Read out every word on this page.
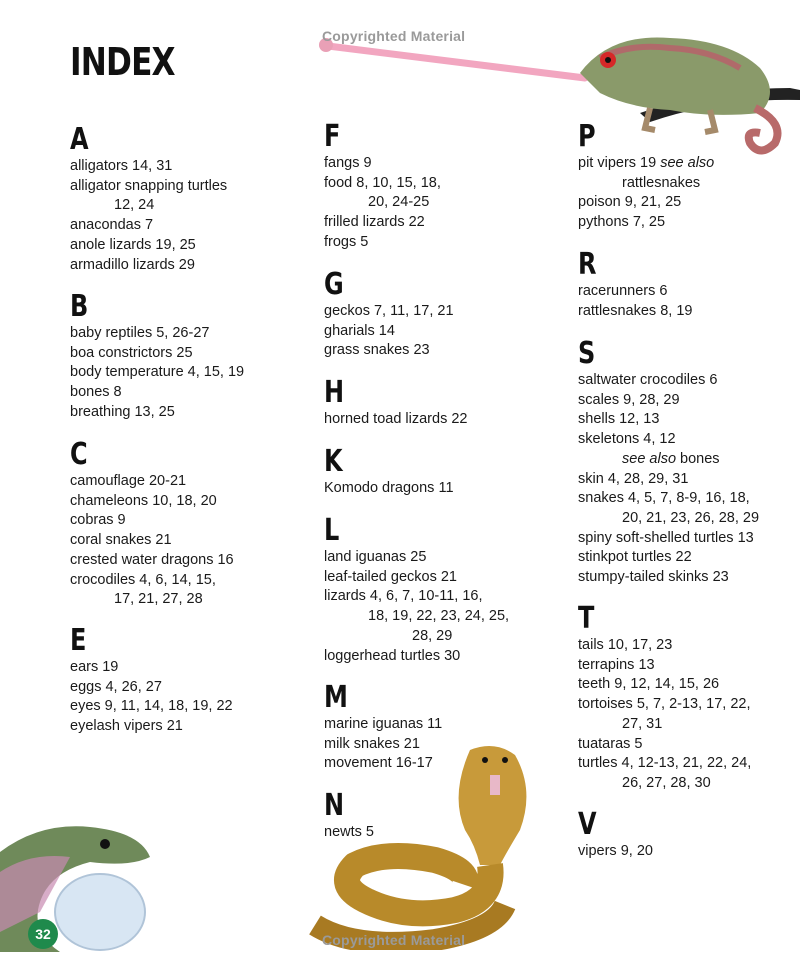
Copyrighted Material
Copyrighted Material
INDEX
A
alligators 14, 31
alligator snapping turtles
12, 24
anacondas 7
anole lizards 19, 25
armadillo lizards 29
B
baby reptiles 5, 26-27
boa constrictors 25
body temperature 4, 15, 19
bones 8
breathing 13, 25
C
camouflage 20-21
chameleons 10, 18, 20
cobras 9
coral snakes 21
crested water dragons 16
crocodiles 4, 6, 14, 15,
17, 21, 27, 28
E
ears 19
eggs 4, 26, 27
eyes 9, 11, 14, 18, 19, 22
eyelash vipers 21
F
fangs 9
food 8, 10, 15, 18,
20, 24-25
frilled lizards 22
frogs 5
G
geckos 7, 11, 17, 21
gharials 14
grass snakes 23
H
horned toad lizards 22
K
Komodo dragons 11
L
land iguanas 25
leaf-tailed geckos 21
lizards 4, 6, 7, 10-11, 16,
18, 19, 22, 23, 24, 25,
28, 29
loggerhead turtles 30
M
marine iguanas 11
milk snakes 21
movement 16-17
N
newts 5
P
pit vipers 19 see also
rattlesnakes
poison 9, 21, 25
pythons 7, 25
R
racerunners 6
rattlesnakes 8, 19
S
saltwater crocodiles 6
scales 9, 28, 29
shells 12, 13
skeletons 4, 12
see also bones
skin 4, 28, 29, 31
snakes 4, 5, 7, 8-9, 16, 18,
20, 21, 23, 26, 28, 29
spiny soft-shelled turtles 13
stinkpot turtles 22
stumpy-tailed skinks 23
T
tails 10, 17, 23
terrapins 13
teeth 9, 12, 14, 15, 26
tortoises 5, 7, 2-13, 17, 22,
27, 31
tuataras 5
turtles 4, 12-13, 21, 22, 24,
26, 27, 28, 30
V
vipers 9, 20
32
